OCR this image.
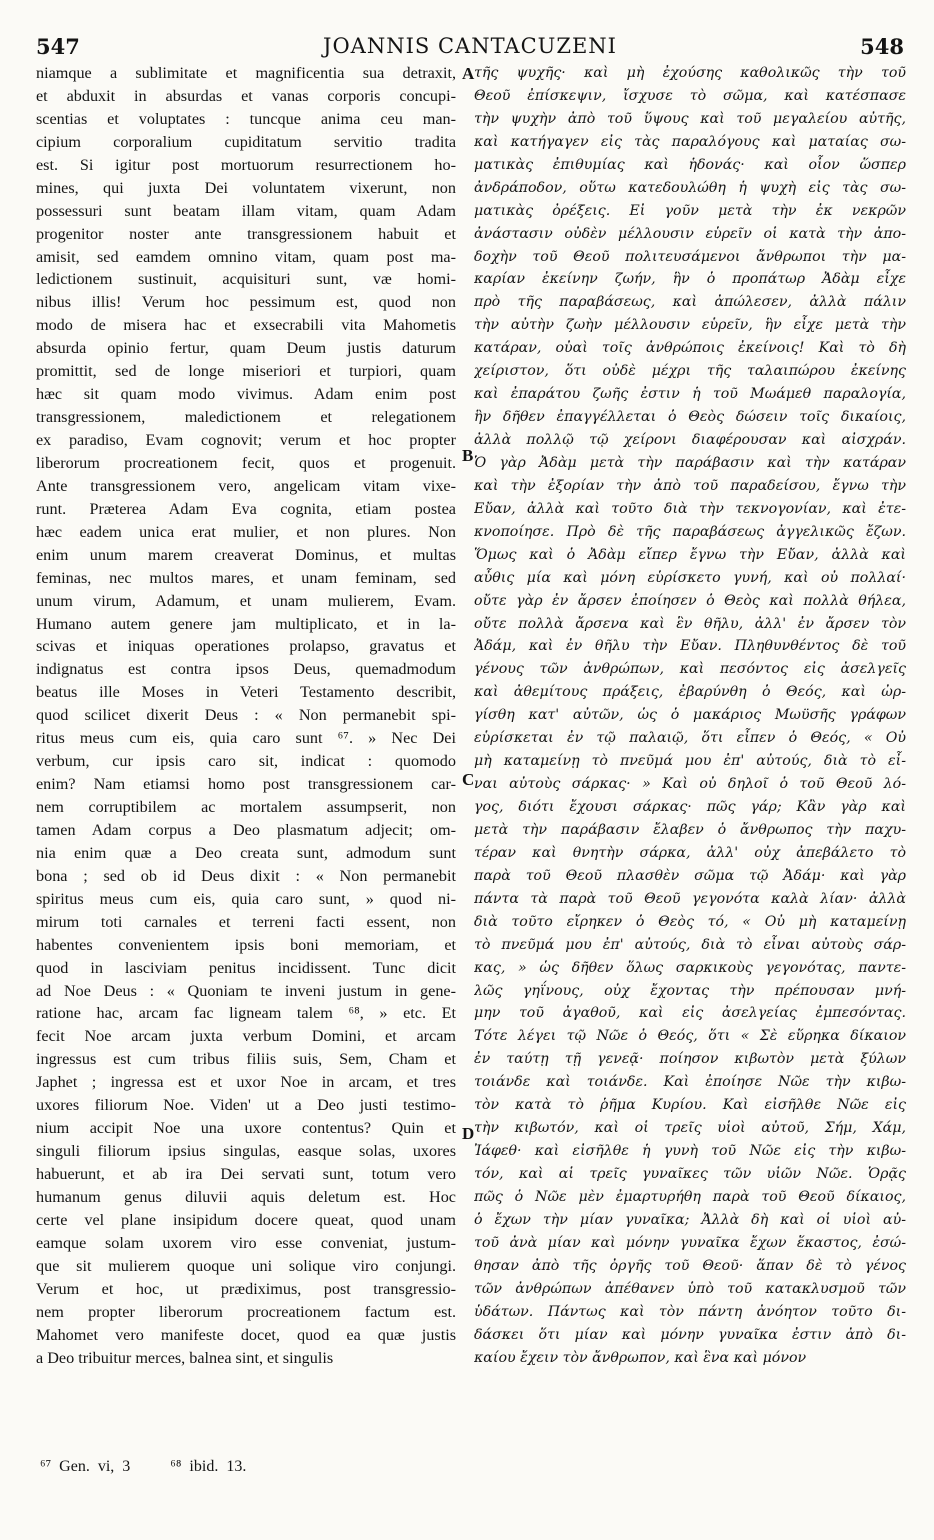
547	JOANNIS CANTACUZENI	548
niamque a sublimitate et magnificentia sua detraxit,
et abduxit in absurdas et vanas corporis concupi-
scentias et voluptates : tuncque anima ceu man-
cipium corporalium cupiditatum servitio tradita
est. Si igitur post mortuorum resurrectionem ho-
mines, qui juxta Dei voluntatem vixerunt, non
possessuri sunt beatam illam vitam, quam Adam
progenitor noster ante transgressionem habuit et
amisit, sed eamdem omnino vitam, quam post ma-
ledictionem sustinuit, acquisituri sunt, væ homi-
nibus illis! Verum hoc pessimum est, quod non
modo de misera hac et exsecrabili vita Mahometis
absurda opinio fertur, quam Deum justis daturum
promittit, sed de longe miseriori et turpiori, quam
hæc sit quam modo vivimus. Adam enim post
transgressionem, maledictionem et relegationem
ex paradiso, Evam cognovit; verum et hoc propter
liberorum procreationem fecit, quos et progenuit.
Ante transgressionem vero, angelicam vitam vixe-
runt. Præterea Adam Eva cognita, etiam postea
hæc eadem unica erat mulier, et non plures. Non
enim unum marem creaverat Dominus, et multas
feminas, nec multos mares, et unam feminam, sed
unum virum, Adamum, et unam mulierem, Evam.
Humano autem genere jam multiplicato, et in la-
scivas et iniquas operationes prolapso, gravatus et
indignatus est contra ipsos Deus, quemadmodum
beatus ille Moses in Veteri Testamento describit,
quod scilicet dixerit Deus : « Non permanebit spi-
ritus meus cum eis, quia caro sunt ⁶⁷. » Nec Dei
verbum, cur ipsis caro sit, indicat : quomodo
enim? Nam etiamsi homo post transgressionem car-
nem corruptibilem ac mortalem assumpserit, non
tamen Adam corpus a Deo plasmatum adjecit; om-
nia enim quæ a Deo creata sunt, admodum sunt
bona ; sed ob id Deus dixit : « Non permanebit
spiritus meus cum eis, quia caro sunt, » quod ni-
mirum toti carnales et terreni facti essent, non
habentes convenientem ipsis boni memoriam, et
quod in lasciviam penitus incidissent. Tunc dicit
ad Noe Deus : « Quoniam te inveni justum in gene-
ratione hac, arcam fac ligneam talem ⁶⁸, » etc. Et
fecit Noe arcam juxta verbum Domini, et arcam
ingressus est cum tribus filiis suis, Sem, Cham et
Japhet ; ingressa est et uxor Noe in arcam, et tres
uxores filiorum Noe. Viden' ut a Deo justi testimo-
nium accipit Noe una uxore contentus? Quin et
singuli filiorum ipsius singulas, easque solas, uxores
habuerunt, et ab ira Dei servati sunt, totum vero
humanum genus diluvii aquis deletum est. Hoc
certe vel plane insipidum docere queat, quod unam
eamque solam uxorem viro esse conveniat, justum-
que sit mulierem quoque uni solique viro conjungi.
Verum et hoc, ut prædiximus, post transgressio-
nem propter liberorum procreationem factum est.
Mahomet vero manifeste docet, quod ea quæ justis
a Deo tribuitur merces, balnea sint, et singulis
τῆς ψυχῆς· καὶ μὴ ἐχούσης καθολικῶς τὴν τοῦ
Θεοῦ ἐπίσκεψιν, ἴσχυσε τὸ σῶμα, καὶ κατέσπασε
τὴν ψυχὴν ἀπὸ τοῦ ὕψους καὶ τοῦ μεγαλείου αὐτῆς,
καὶ κατήγαγεν εἰς τὰς παραλόγους καὶ ματαίας σω-
ματικὰς ἐπιθυμίας καὶ ἡδονάς· καὶ οἷον ὥσπερ
ἀνδράποδον, οὕτω κατεδουλώθη ἡ ψυχὴ εἰς τὰς σω-
ματικὰς ὀρέξεις. Εἰ γοῦν μετὰ τὴν ἐκ νεκρῶν
ἀνάστασιν οὐδὲν μέλλουσιν εὑρεῖν οἱ κατὰ τὴν ἀπο-
δοχὴν τοῦ Θεοῦ πολιτευσάμενοι ἄνθρωποι τὴν μα-
καρίαν ἐκείνην ζωήν, ἣν ὁ προπάτωρ Ἀδὰμ εἶχε
πρὸ τῆς παραβάσεως, καὶ ἀπώλεσεν, ἀλλὰ πάλιν
τὴν αὐτὴν ζωὴν μέλλουσιν εὑρεῖν, ἣν εἶχε μετὰ τὴν
κατάραν, οὐαὶ τοῖς ἀνθρώποις ἐκείνοις! Καὶ τὸ δὴ
χείριστον, ὅτι οὐδὲ μέχρι τῆς ταλαιπώρου ἐκείνης
καὶ ἐπαράτου ζωῆς ἐστιν ἡ τοῦ Μωάμεθ παραλογία,
ἣν δῆθεν ἐπαγγέλλεται ὁ Θεὸς δώσειν τοῖς δικαίοις,
ἀλλὰ πολλῷ τῷ χείρονι διαφέρουσαν καὶ αἰσχράν.
Ὁ γὰρ Ἀδὰμ μετὰ τὴν παράβασιν καὶ τὴν κατάραν
καὶ τὴν ἐξορίαν τὴν ἀπὸ τοῦ παραδείσου, ἔγνω τὴν
Εὔαν, ἀλλὰ καὶ τοῦτο διὰ τὴν τεκνογονίαν, καὶ ἐτε-
κνοποίησε. Πρὸ δὲ τῆς παραβάσεως ἀγγελικῶς ἔζων.
Ὅμως καὶ ὁ Ἀδὰμ εἴπερ ἔγνω τὴν Εὔαν, ἀλλὰ καὶ
αὖθις μία καὶ μόνη εὑρίσκετο γυνή, καὶ οὐ πολλαί·
οὔτε γὰρ ἐν ἄρσεν ἐποίησεν ὁ Θεὸς καὶ πολλὰ θήλεα,
οὔτε πολλὰ ἄρσενα καὶ ἓν θῆλυ, ἀλλ' ἐν ἄρσεν τὸν
Ἀδάμ, καὶ ἐν θῆλυ τὴν Εὔαν. Πληθυνθέντος δὲ τοῦ
γένους τῶν ἀνθρώπων, καὶ πεσόντος εἰς ἀσελγεῖς
καὶ ἀθεμίτους πράξεις, ἐβαρύνθη ὁ Θεός, καὶ ὠρ-
γίσθη κατ' αὐτῶν, ὡς ὁ μακάριος Μωϋσῆς γράφων
εὑρίσκεται ἐν τῷ παλαιῷ, ὅτι εἶπεν ὁ Θεός, « Οὐ
μὴ καταμείνῃ τὸ πνεῦμά μου ἐπ' αὐτούς, διὰ τὸ εἶ-
ναι αὐτοὺς σάρκας· » Καὶ οὐ δηλοῖ ὁ τοῦ Θεοῦ λό-
γος, διότι ἔχουσι σάρκας· πῶς γάρ; Κἂν γὰρ καὶ
μετὰ τὴν παράβασιν ἔλαβεν ὁ ἄνθρωπος τὴν παχυ-
τέραν καὶ θνητὴν σάρκα, ἀλλ' οὐχ ἀπεβάλετο τὸ
παρὰ τοῦ Θεοῦ πλασθὲν σῶμα τῷ Ἀδάμ· καὶ γὰρ
πάντα τὰ παρὰ τοῦ Θεοῦ γεγονότα καλὰ λίαν· ἀλλὰ
διὰ τοῦτο εἴρηκεν ὁ Θεὸς τό, « Οὐ μὴ καταμείνῃ
τὸ πνεῦμά μου ἐπ' αὐτούς, διὰ τὸ εἶναι αὐτοὺς σάρ-
κας, » ὡς δῆθεν ὅλως σαρκικοὺς γεγονότας, παντε-
λῶς γηΐνους, οὐχ ἔχοντας τὴν πρέπουσαν μνή-
μην τοῦ ἀγαθοῦ, καὶ εἰς ἀσελγείας ἐμπεσόντας.
Τότε λέγει τῷ Νῶε ὁ Θεός, ὅτι « Σὲ εὕρηκα δίκαιον
ἐν ταύτῃ τῇ γενεᾷ· ποίησον κιβωτὸν μετὰ ξύλων
τοιάνδε καὶ τοιάνδε. Καὶ ἐποίησε Νῶε τὴν κιβω-
τὸν κατὰ τὸ ῥῆμα Κυρίου. Καὶ εἰσῆλθε Νῶε εἰς
τὴν κιβωτόν, καὶ οἱ τρεῖς υἱοὶ αὐτοῦ, Σήμ, Χάμ,
Ἰάφεθ· καὶ εἰσῆλθε ἡ γυνὴ τοῦ Νῶε εἰς τὴν κιβω-
τόν, καὶ αἱ τρεῖς γυναῖκες τῶν υἱῶν Νῶε. Ὁρᾷς
πῶς ὁ Νῶε μὲν ἐμαρτυρήθη παρὰ τοῦ Θεοῦ δίκαιος,
ὁ ἔχων τὴν μίαν γυναῖκα; Ἀλλὰ δὴ καὶ οἱ υἱοὶ αὐ-
τοῦ ἀνὰ μίαν καὶ μόνην γυναῖκα ἔχων ἕκαστος, ἐσώ-
θησαν ἀπὸ τῆς ὀργῆς τοῦ Θεοῦ· ἅπαν δὲ τὸ γένος
τῶν ἀνθρώπων ἀπέθανεν ὑπὸ τοῦ κατακλυσμοῦ τῶν
ὑδάτων. Πάντως καὶ τὸν πάντη ἀνόητον τοῦτο δι-
δάσκει ὅτι μίαν καὶ μόνην γυναῖκα ἐστιν ἀπὸ δι-
καίου ἔχειν τὸν ἄνθρωπον, καὶ ἓνα καὶ μόνον
A
B
C
D
⁶⁷ Gen. vi, 3	⁶⁸ ibid. 13.
